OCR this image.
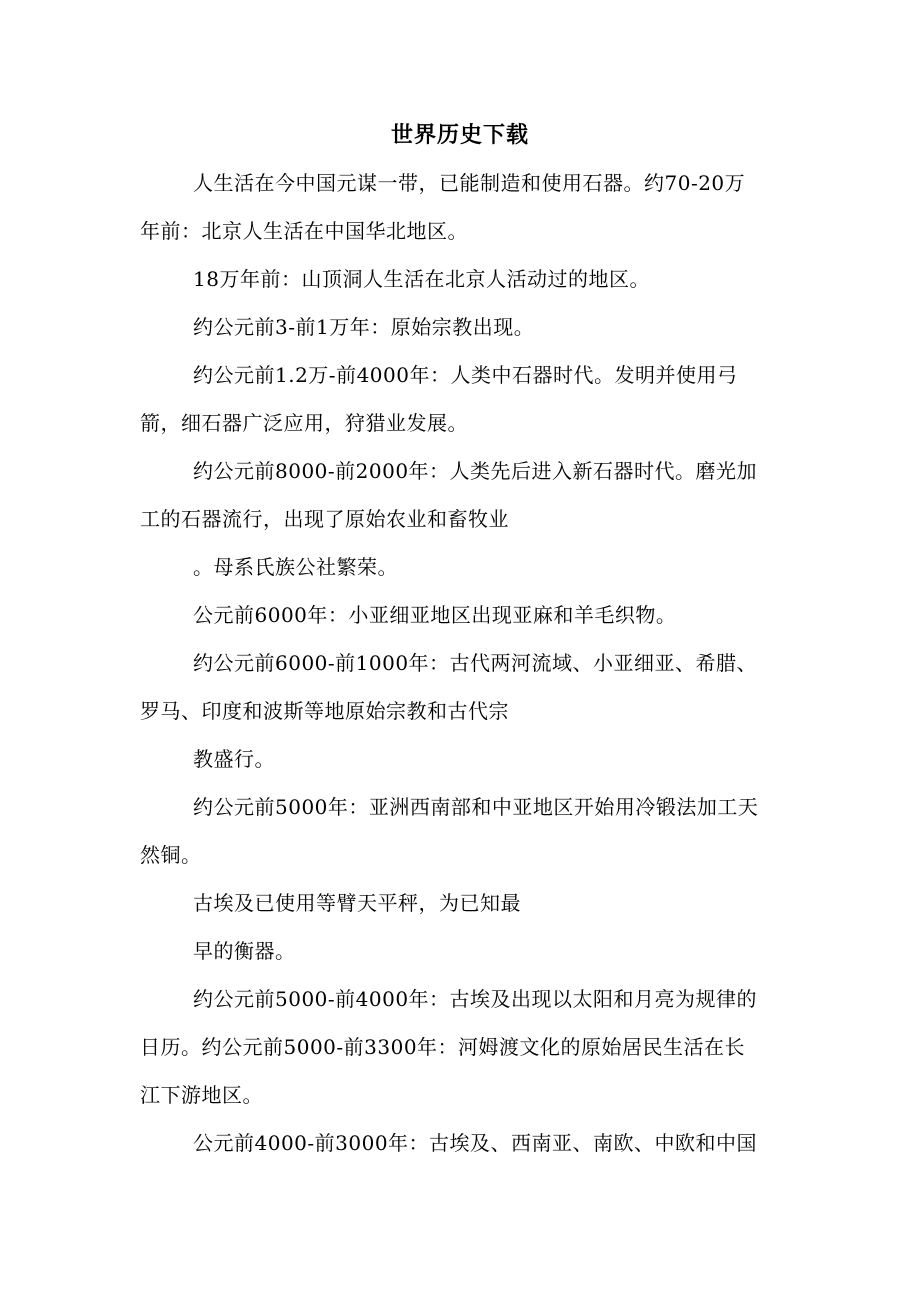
世界历史下载
人生活在今中国元谋一带，已能制造和使用石器。约70-20万
年前：北京人生活在中国华北地区。
18万年前：山顶洞人生活在北京人活动过的地区。
约公元前3-前1万年：原始宗教出现。
约公元前1.2万-前4000年：人类中石器时代。发明并使用弓
箭，细石器广泛应用，狩猎业发展。
约公元前8000-前2000年：人类先后进入新石器时代。磨光加
工的石器流行，出现了原始农业和畜牧业
。母系氏族公社繁荣。
公元前6000年：小亚细亚地区出现亚麻和羊毛织物。
约公元前6000-前1000年：古代两河流域、小亚细亚、希腊、
罗马、印度和波斯等地原始宗教和古代宗
教盛行。
约公元前5000年：亚洲西南部和中亚地区开始用冷锻法加工天
然铜。
古埃及已使用等臂天平秤，为已知最
早的衡器。
约公元前5000-前4000年：古埃及出现以太阳和月亮为规律的
日历。约公元前5000-前3300年：河姆渡文化的原始居民生活在长
江下游地区。
公元前4000-前3000年：古埃及、西南亚、南欧、中欧和中国
